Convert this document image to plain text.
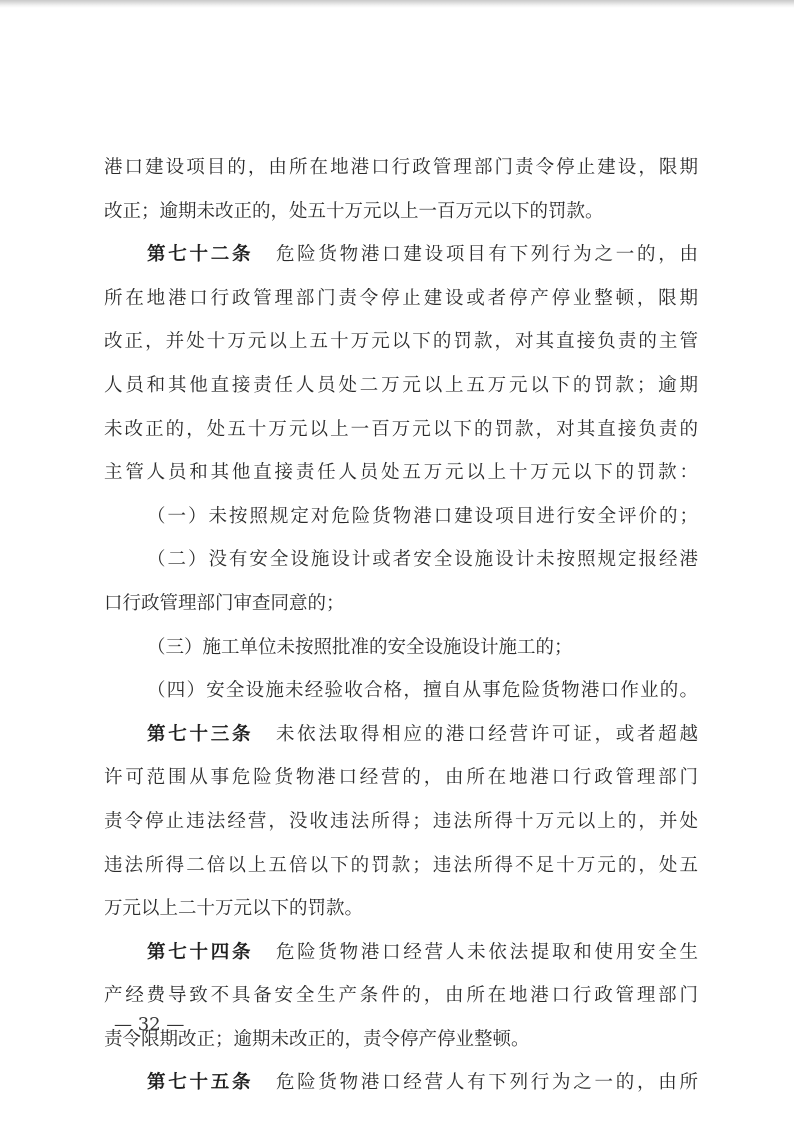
港口建设项目的，由所在地港口行政管理部门责令停止建设，限期
改正；逾期未改正的，处五十万元以上一百万元以下的罚款。
第七十二条 危险货物港口建设项目有下列行为之一的，由
所在地港口行政管理部门责令停止建设或者停产停业整顿，限期
改正，并处十万元以上五十万元以下的罚款，对其直接负责的主管
人员和其他直接责任人员处二万元以上五万元以下的罚款；逾期
未改正的，处五十万元以上一百万元以下的罚款，对其直接负责的
主管人员和其他直接责任人员处五万元以上十万元以下的罚款：
（一）未按照规定对危险货物港口建设项目进行安全评价的；
（二）没有安全设施设计或者安全设施设计未按照规定报经港
口行政管理部门审查同意的；
（三）施工单位未按照批准的安全设施设计施工的；
（四）安全设施未经验收合格，擅自从事危险货物港口作业的。
第七十三条 未依法取得相应的港口经营许可证，或者超越
许可范围从事危险货物港口经营的，由所在地港口行政管理部门
责令停止违法经营，没收违法所得；违法所得十万元以上的，并处
违法所得二倍以上五倍以下的罚款；违法所得不足十万元的，处五
万元以上二十万元以下的罚款。
第七十四条 危险货物港口经营人未依法提取和使用安全生
产经费导致不具备安全生产条件的，由所在地港口行政管理部门
责令限期改正；逾期未改正的，责令停产停业整顿。
第七十五条 危险货物港口经营人有下列行为之一的，由所
— 32 —
